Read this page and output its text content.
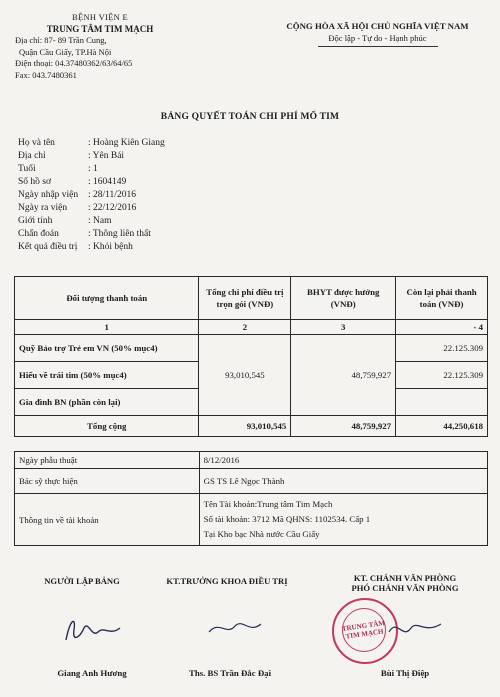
BỆNH VIỆN E
TRUNG TÂM TIM MẠCH
Địa chỉ: 87- 89 Trần Cung,
Quận Cầu Giấy, TP.Hà Nội
Điện thoại: 04.37480362/63/64/65
Fax: 043.7480361
CỘNG HÒA XÃ HỘI CHỦ NGHĨA VIỆT NAM
Độc lập - Tự do - Hạnh phúc
BẢNG QUYẾT TOÁN CHI PHÍ MỔ TIM
Họ và tên	: Hoàng Kiên Giang
Địa chỉ	: Yên Bái
Tuổi	: 1
Số hồ sơ	: 1604149
Ngày nhập viện	: 28/11/2016
Ngày ra viện	: 22/12/2016
Giới tính	: Nam
Chẩn đoán	: Thông liên thất
Kết quả điều trị	: Khỏi bệnh
Đối tượng thanh toán	Tổng chi phí điều trị trọn gói (VNĐ)	BHYT được hưởng (VNĐ)	Còn lại phải thanh toán (VNĐ)
1	2	3	- 4
Quỹ Bảo trợ Trẻ em VN (50% mục4)	93,010,545	48,759,927	22.125.309
Hiểu về trái tim (50% mục4)			22.125.309
Gia đình BN (phần còn lại)			
Tổng cộng	93,010,545	48,759,927	44,250,618
Ngày phẫu thuật	8/12/2016
Bác sỹ thực hiện	GS TS Lê Ngọc Thành
Thông tin về tài khoản	Tên Tài khoản:Trung tâm Tim Mạch
Số tài khoản: 3712 Mã QHNS: 1102534. Cấp 1
Tại Kho bạc Nhà nước Cầu Giấy
NGƯỜI LẬP BẢNG	KT.TRƯỞNG KHOA ĐIỀU TRỊ	KT. CHÁNH VĂN PHÒNG
PHÓ CHÁNH VĂN PHÒNG
TRUNG TÂM TIM MẠCH
Giang Anh Hương	Ths. BS Trần Đắc Đại	Bùi Thị Điệp
